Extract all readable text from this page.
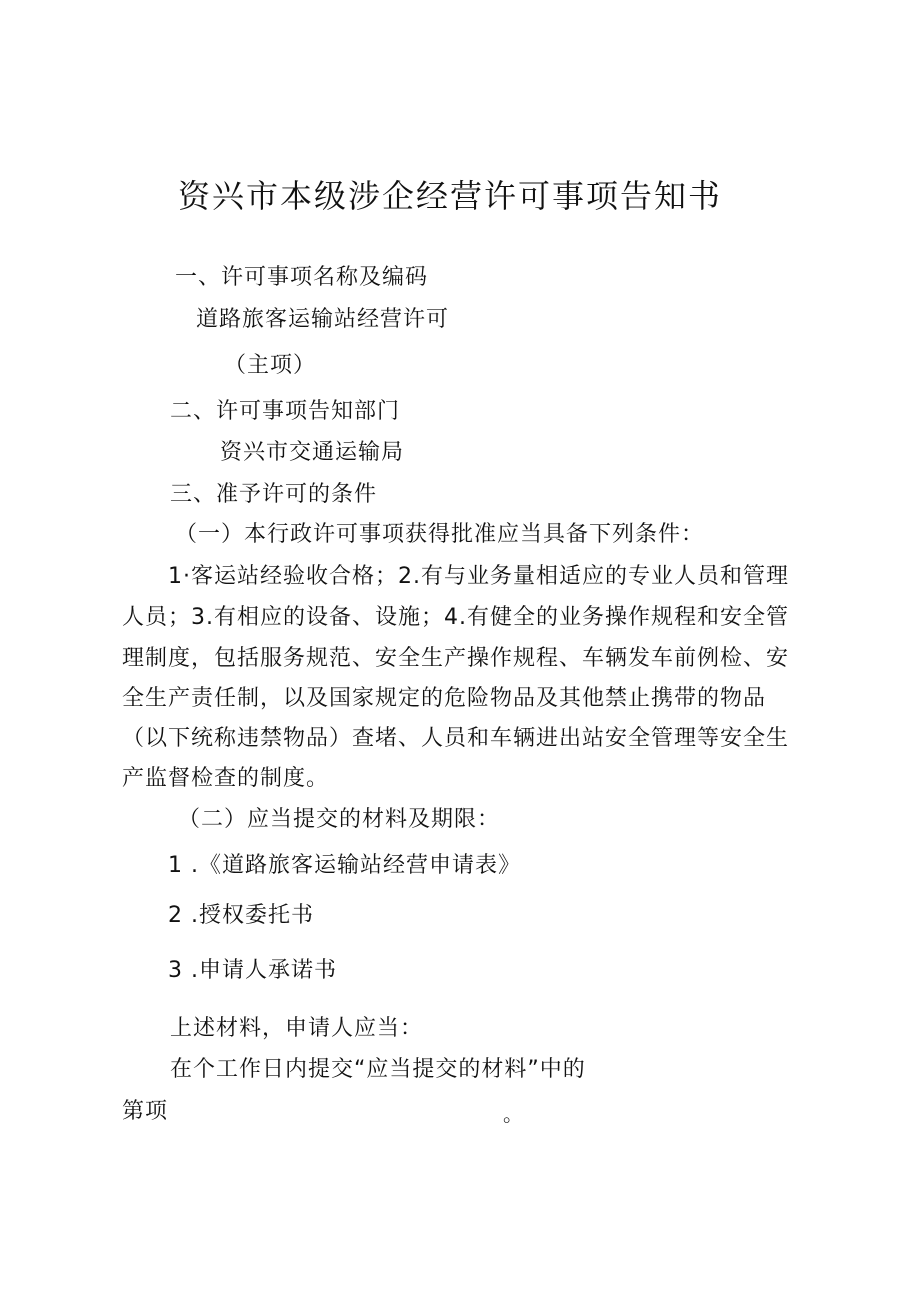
资兴市本级涉企经营许可事项告知书
一、许可事项名称及编码
道路旅客运输站经营许可
（主项）
二、许可事项告知部门
资兴市交通运输局
三、准予许可的条件
（一）本行政许可事项获得批准应当具备下列条件：
1·客运站经验收合格；2.有与业务量相适应的专业人员和管理
人员；3.有相应的设备、设施；4.有健全的业务操作规程和安全管
理制度，包括服务规范、安全生产操作规程、车辆发车前例检、安
全生产责任制，以及国家规定的危险物品及其他禁止携带的物品
（以下统称违禁物品）查堵、人员和车辆进出站安全管理等安全生
产监督检查的制度。
（二）应当提交的材料及期限：
1 .《道路旅客运输站经营申请表》
2 .授权委托书
3 .申请人承诺书
上述材料，申请人应当：
在个工作日内提交“应当提交的材料”中的
第项	。
